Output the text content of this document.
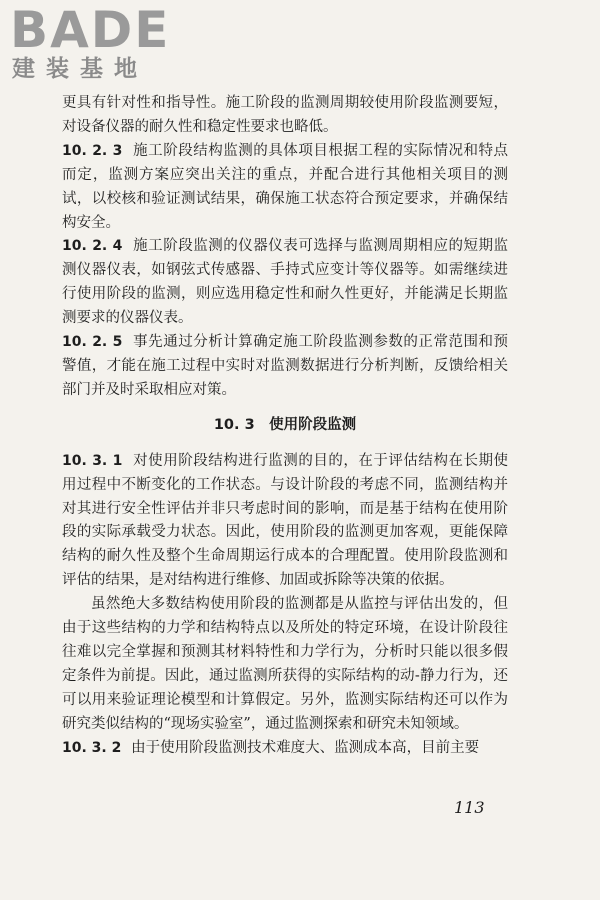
BADE
建装基地

更具有针对性和指导性。施工阶段的监测周期较使用阶段监测要短，对设备仪器的耐久性和稳定性要求也略低。

10. 2. 3 施工阶段结构监测的具体项目根据工程的实际情况和特点而定，监测方案应突出关注的重点，并配合进行其他相关项目的测试，以校核和验证测试结果，确保施工状态符合预定要求，并确保结构安全。

10. 2. 4 施工阶段监测的仪器仪表可选择与监测周期相应的短期监测仪器仪表，如钢弦式传感器、手持式应变计等仪器等。如需继续进行使用阶段的监测，则应选用稳定性和耐久性更好，并能满足长期监测要求的仪器仪表。

10. 2. 5 事先通过分析计算确定施工阶段监测参数的正常范围和预警值，才能在施工过程中实时对监测数据进行分析判断，反馈给相关部门并及时采取相应对策。

10. 3　使用阶段监测

10. 3. 1 对使用阶段结构进行监测的目的，在于评估结构在长期使用过程中不断变化的工作状态。与设计阶段的考虑不同，监测结构并对其进行安全性评估并非只考虑时间的影响，而是基于结构在使用阶段的实际承载受力状态。因此，使用阶段的监测更加客观，更能保障结构的耐久性及整个生命周期运行成本的合理配置。使用阶段监测和评估的结果，是对结构进行维修、加固或拆除等决策的依据。

虽然绝大多数结构使用阶段的监测都是从监控与评估出发的，但由于这些结构的力学和结构特点以及所处的特定环境，在设计阶段往往难以完全掌握和预测其材料特性和力学行为，分析时只能以很多假定条件为前提。因此，通过监测所获得的实际结构的动-静力行为，还可以用来验证理论模型和计算假定。另外，监测实际结构还可以作为研究类似结构的“现场实验室”，通过监测探索和研究未知领域。

10. 3. 2 由于使用阶段监测技术难度大、监测成本高，目前主要

113
